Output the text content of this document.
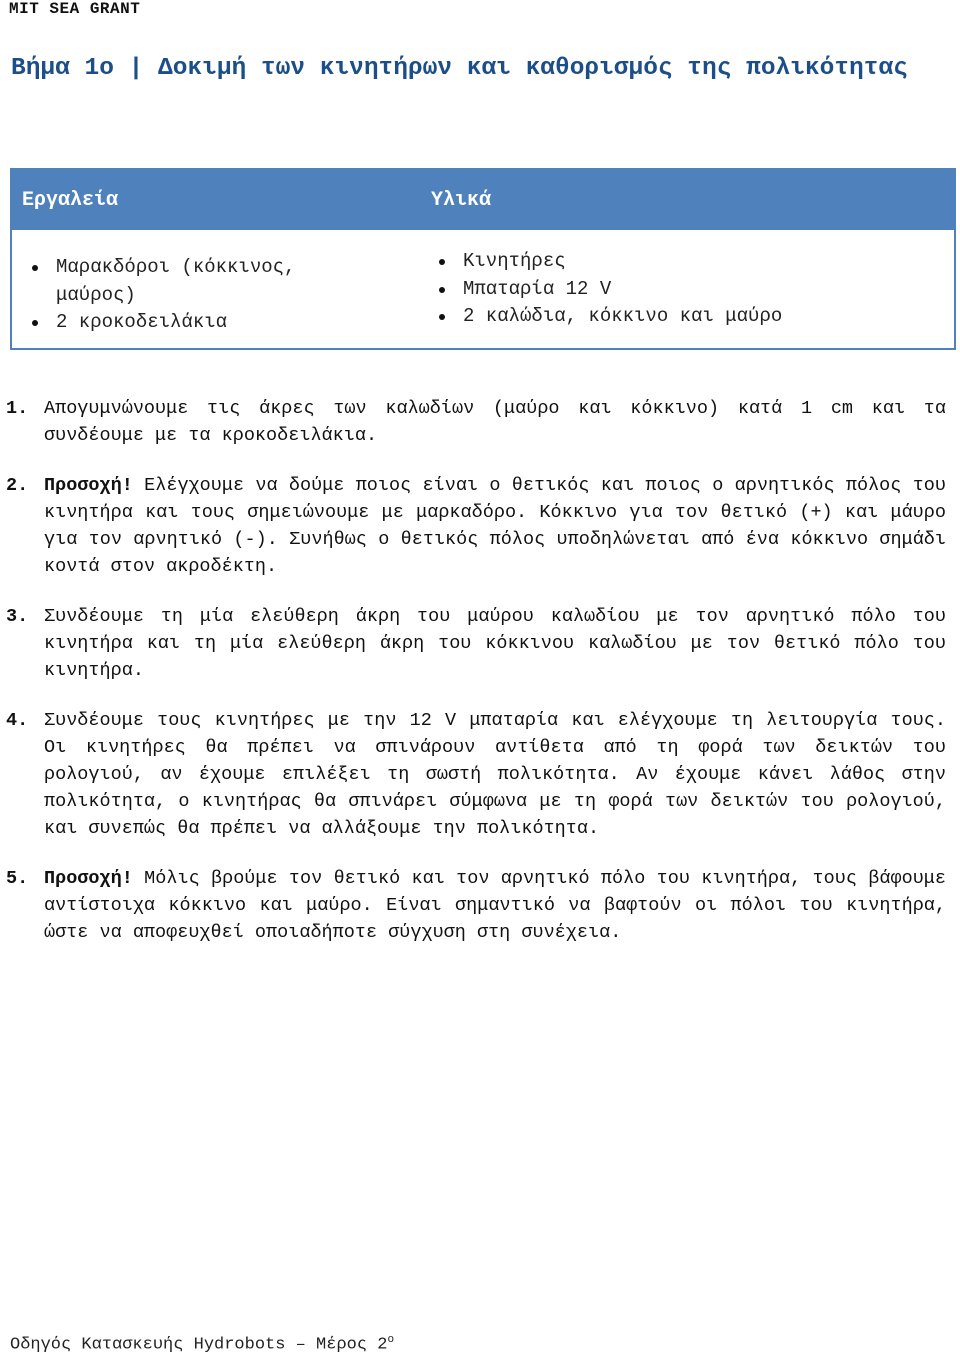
MIT SEA GRANT
Βήμα 1ο | Δοκιμή των κινητήρων και καθορισμός της πολικότητας
Εργαλεία	Υλικά
Μαρακδόροι (κόκκινος, μαύρος)
2 κροκοδειλάκια
Κινητήρες
Μπαταρία 12 V
2 καλώδια, κόκκινο και μαύρο
1. Απογυμνώνουμε τις άκρες των καλωδίων (μαύρο και κόκκινο) κατά 1 cm και τα συνδέουμε με τα κροκοδειλάκια.
2. Προσοχή! Ελέγχουμε να δούμε ποιος είναι ο θετικός και ποιος ο αρνητικός πόλος του κινητήρα και τους σημειώνουμε με μαρκαδόρο. Κόκκινο για τον θετικό (+) και μάυρο για τον αρνητικό (-). Συνήθως ο θετικός πόλος υποδηλώνεται από ένα κόκκινο σημάδι κοντά στον ακροδέκτη.
3. Συνδέουμε τη μία ελεύθερη άκρη του μαύρου καλωδίου με τον αρνητικό πόλο του κινητήρα και τη μία ελεύθερη άκρη του κόκκινου καλωδίου με τον θετικό πόλο του κινητήρα.
4. Συνδέουμε τους κινητήρες με την 12 V μπαταρία και ελέγχουμε τη λειτουργία τους. Οι κινητήρες θα πρέπει να σπινάρουν αντίθετα από τη φορά των δεικτών του ρολογιού, αν έχουμε επιλέξει τη σωστή πολικότητα. Αν έχουμε κάνει λάθος στην πολικότητα, ο κινητήρας θα σπινάρει σύμφωνα με τη φορά των δεικτών του ρολογιού, και συνεπώς θα πρέπει να αλλάξουμε την πολικότητα.
5. Προσοχή! Μόλις βρούμε τον θετικό και τον αρνητικό πόλο του κινητήρα, τους βάφουμε αντίστοιχα κόκκινο και μαύρο. Είναι σημαντικό να βαφτούν οι πόλοι του κινητήρα, ώστε να αποφευχθεί οποιαδήποτε σύγχυση στη συνέχεια.
Οδηγός Κατασκευής Hydrobots – Μέρος $2^o$
